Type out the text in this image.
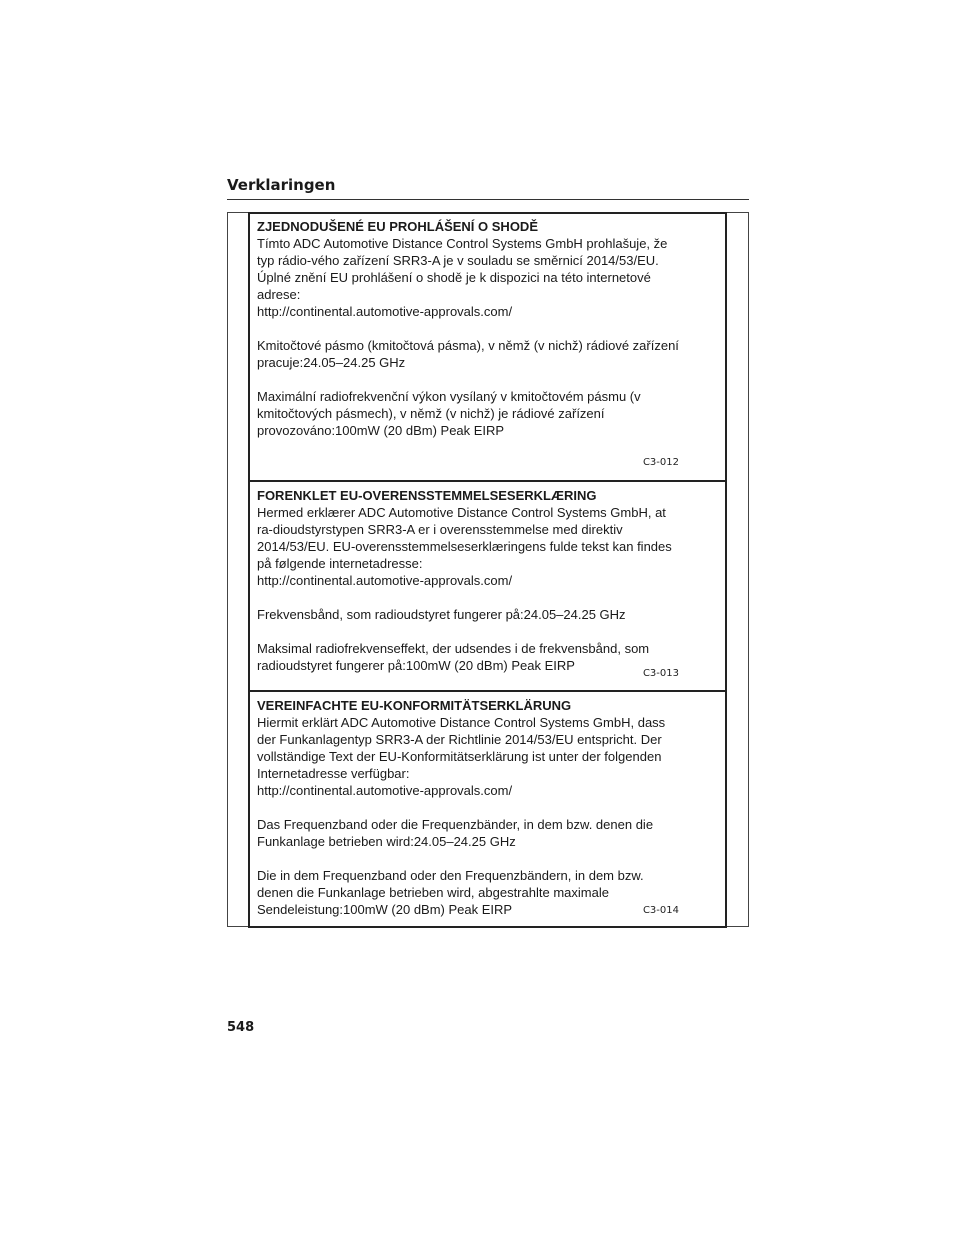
Verklaringen
ZJEDNODUŠENÉ EU PROHLÁŠENÍ O SHODĚ
Tímto ADC Automotive Distance Control Systems GmbH prohlašuje, že
typ rádio-vého zařízení SRR3-A je v souladu se směrnicí 2014/53/EU.
Úplné znění EU prohlášení o shodě je k dispozici na této internetové
adrese:
http://continental.automotive-approvals.com/
Kmitočtové pásmo (kmitočtová pásma), v němž (v nichž) rádiové zařízení
pracuje:24.05–24.25 GHz
Maximální radiofrekvenční výkon vysílaný v kmitočtovém pásmu (v
kmitočtových pásmech), v němž (v nichž) je rádiové zařízení
provozováno:100mW (20 dBm) Peak EIRP
C3-012
FORENKLET EU-OVERENSSTEMMELSESERKLÆRING
Hermed erklærer ADC Automotive Distance Control Systems GmbH, at
ra-dioudstyrstypen SRR3-A er i overensstemmelse med direktiv
2014/53/EU. EU-overensstemmelseserklæringens fulde tekst kan findes
på følgende internetadresse:
http://continental.automotive-approvals.com/
Frekvensbånd, som radioudstyret fungerer på:24.05–24.25 GHz
Maksimal radiofrekvenseffekt, der udsendes i de frekvensbånd, som
radioudstyret fungerer på:100mW (20 dBm) Peak EIRP
C3-013
VEREINFACHTE EU-KONFORMITÄTSERKLÄRUNG
Hiermit erklärt ADC Automotive Distance Control Systems GmbH, dass
der Funkanlagentyp SRR3-A der Richtlinie 2014/53/EU entspricht. Der
vollständige Text der EU-Konformitätserklärung ist unter der folgenden
Internetadresse verfügbar:
http://continental.automotive-approvals.com/
Das Frequenzband oder die Frequenzbänder, in dem bzw. denen die
Funkanlage betrieben wird:24.05–24.25 GHz
Die in dem Frequenzband oder den Frequenzbändern, in dem bzw.
denen die Funkanlage betrieben wird, abgestrahlte maximale
Sendeleistung:100mW (20 dBm) Peak EIRP	C3-014
548
